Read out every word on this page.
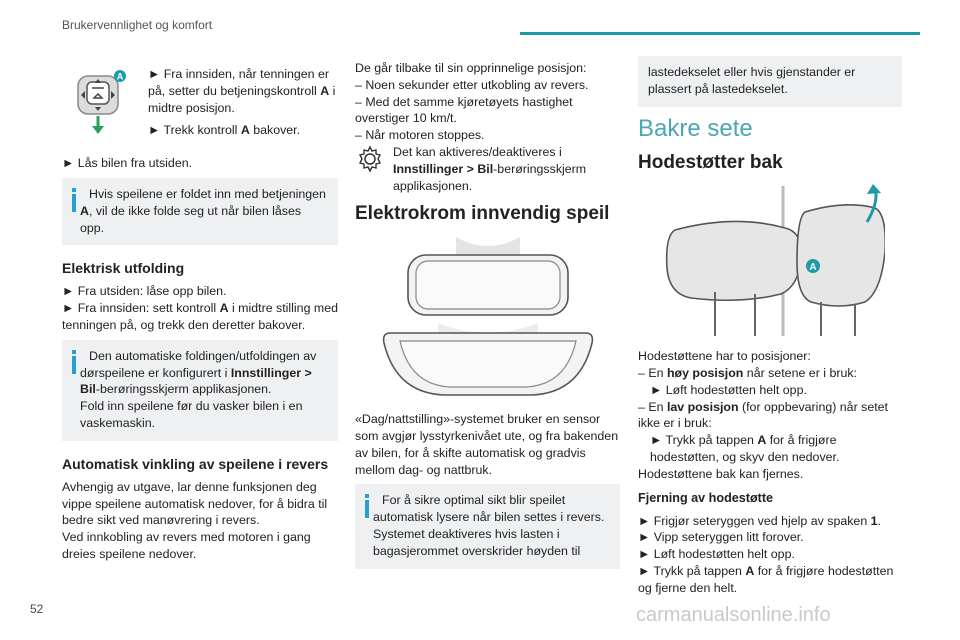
Brukervennlighet og komfort
A ► Fra innsiden, når tenningen er på, setter du betjeningskontroll A i midtre posisjon.

► Trekk kontroll A bakover.

► Lås bilen fra utsiden.

Hvis speilene er foldet inn med betjeningen A, vil de ikke folde seg ut når bilen låses opp.
Elektrisk utfolding

► Fra utsiden: låse opp bilen.

► Fra innsiden: sett kontroll A i midtre stilling med tenningen på, og trekk den deretter bakover.

Den automatiske foldingen/utfoldingen av dørspeilene er konfigurert i Innstillinger > Bil-berøringsskjerm applikasjonen.
Fold inn speilene før du vasker bilen i en vaskemaskin.
Automatisk vinkling av speilene i revers

Avhengig av utgave, lar denne funksjonen deg vippe speilene automatisk nedover, for å bidra til bedre sikt ved manøvrering i revers.

Ved innkobling av revers med motoren i gang dreies speilene nedover.

De går tilbake til sin opprinnelige posisjon:

– Noen sekunder etter utkobling av revers.

– Med det samme kjøretøyets hastighet overstiger 10 km/t.

– Når motoren stoppes.

Det kan aktiveres/deaktiveres i Innstillinger > Bil-berøringsskjerm applikasjonen.
Elektrokrom innvendig speil

«Dag/nattstilling»-systemet bruker en sensor som avgjør lysstyrkenivået ute, og fra bakenden av bilen, for å skifte automatisk og gradvis mellom dag- og nattbruk.

For å sikre optimal sikt blir speilet automatisk lysere når bilen settes i revers.
Systemet deaktiveres hvis lasten i bagasjerommet overskrider høyden til
lastedekselet eller hvis gjenstander er plassert på lastedekselet.
Bakre sete
Hodestøtter bak
A

Hodestøttene har to posisjoner:

– En høy posisjon når setene er i bruk:

► Løft hodestøtten helt opp.

– En lav posisjon (for oppbevaring) når setet ikke er i bruk:

► Trykk på tappen A for å frigjøre hodestøtten, og skyv den nedover.

Hodestøttene bak kan fjernes.

Fjerning av hodestøtte

► Frigjør seteryggen ved hjelp av spaken 1.

► Vipp seteryggen litt forover.

► Løft hodestøtten helt opp.

► Trykk på tappen A for å frigjøre hodestøtten og fjerne den helt.

52	carmanualsonline.info
